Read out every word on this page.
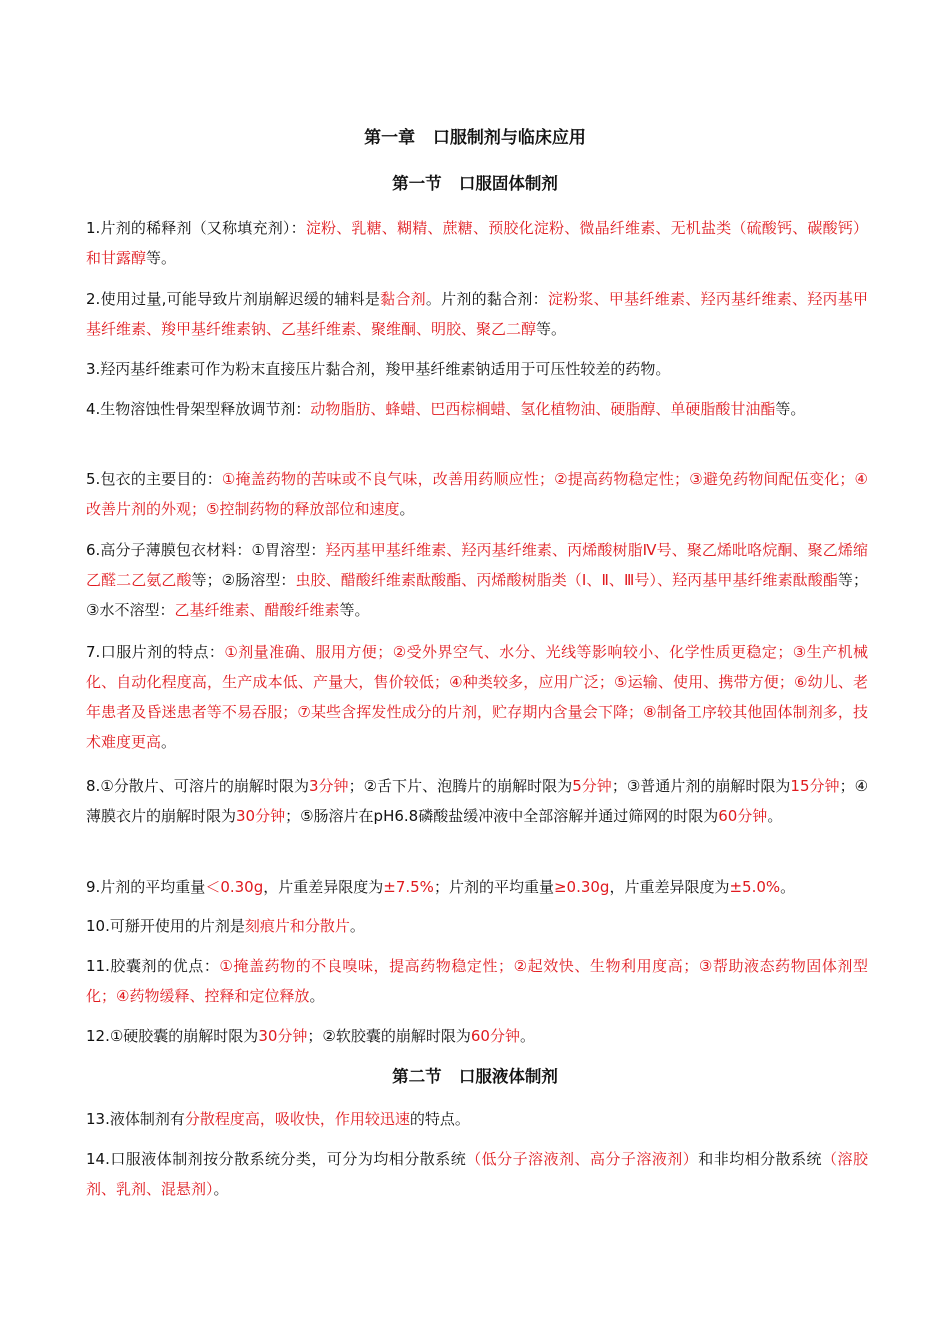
第一章   口服制剂与临床应用
第一节   口服固体制剂
1.片剂的稀释剂（又称填充剂）：淀粉、乳糖、糊精、蔗糖、预胶化淀粉、微晶纤维素、无机盐类（硫酸钙、碳酸钙）和甘露醇等。
2.使用过量,可能导致片剂崩解迟缓的辅料是黏合剂。片剂的黏合剂：淀粉浆、甲基纤维素、羟丙基纤维素、羟丙基甲基纤维素、羧甲基纤维素钠、乙基纤维素、聚维酮、明胶、聚乙二醇等。
3.羟丙基纤维素可作为粉末直接压片黏合剂，羧甲基纤维素钠适用于可压性较差的药物。
4.生物溶蚀性骨架型释放调节剂：动物脂肪、蜂蜡、巴西棕榈蜡、氢化植物油、硬脂醇、单硬脂酸甘油酯等。
5.包衣的主要目的：①掩盖药物的苦味或不良气味，改善用药顺应性；②提高药物稳定性；③避免药物间配伍变化；④改善片剂的外观；⑤控制药物的释放部位和速度。
6.高分子薄膜包衣材料：①胃溶型：羟丙基甲基纤维素、羟丙基纤维素、丙烯酸树脂Ⅳ号、聚乙烯吡咯烷酮、聚乙烯缩乙醛二乙氨乙酸等；②肠溶型：虫胶、醋酸纤维素酞酸酯、丙烯酸树脂类（Ⅰ、Ⅱ、Ⅲ号）、羟丙基甲基纤维素酞酸酯等；③水不溶型：乙基纤维素、醋酸纤维素等。
7.口服片剂的特点：①剂量准确、服用方便；②受外界空气、水分、光线等影响较小、化学性质更稳定；③生产机械化、自动化程度高，生产成本低、产量大，售价较低；④种类较多，应用广泛；⑤运输、使用、携带方便；⑥幼儿、老年患者及昏迷患者等不易吞服；⑦某些含挥发性成分的片剂，贮存期内含量会下降；⑧制备工序较其他固体制剂多，技术难度更高。
8.①分散片、可溶片的崩解时限为3分钟；②舌下片、泡腾片的崩解时限为5分钟；③普通片剂的崩解时限为15分钟；④薄膜衣片的崩解时限为30分钟；⑤肠溶片在pH6.8磷酸盐缓冲液中全部溶解并通过筛网的时限为60分钟。
9.片剂的平均重量＜0.30g，片重差异限度为±7.5%；片剂的平均重量≥0.30g，片重差异限度为±5.0%。
10.可掰开使用的片剂是刻痕片和分散片。
11.胶囊剂的优点：①掩盖药物的不良嗅味，提高药物稳定性；②起效快、生物利用度高；③帮助液态药物固体剂型化；④药物缓释、控释和定位释放。
12.①硬胶囊的崩解时限为30分钟；②软胶囊的崩解时限为60分钟。
第二节   口服液体制剂
13.液体制剂有分散程度高，吸收快，作用较迅速的特点。
14.口服液体制剂按分散系统分类，可分为均相分散系统（低分子溶液剂、高分子溶液剂）和非均相分散系统（溶胶剂、乳剂、混悬剂）。
